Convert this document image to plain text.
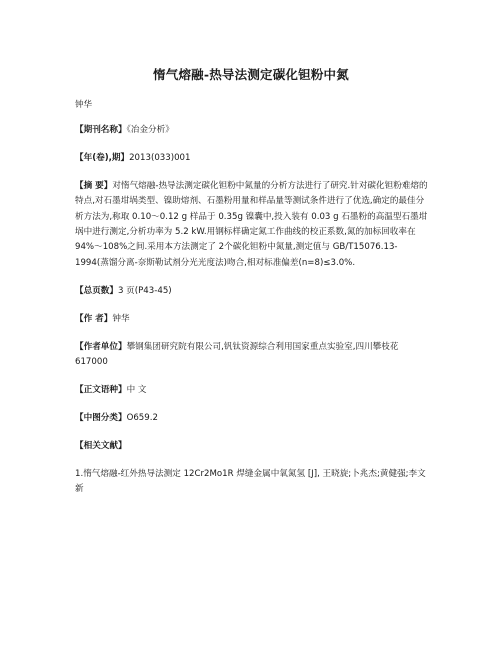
惰气熔融-热导法测定碳化钽粉中氮
钟华
【期刊名称】《冶金分析》
【年(卷),期】2013(033)001
【摘 要】对惰气熔融-热导法测定碳化钽粉中氮量的分析方法进行了研究.针对碳化钽粉难熔的特点,对石墨坩埚类型、镍助熔剂、石墨粉用量和样品量等测试条件进行了优选,确定的最佳分析方法为,称取 0.10～0.12 g 样品于 0.35g 镍囊中,投入装有 0.03 g 石墨粉的高温型石墨坩埚中进行测定,分析功率为 5.2 kW.用钢标样确定氮工作曲线的校正系数,氮的加标回收率在 94%～108%之间.采用本方法测定了 2个碳化钽粉中氮量,测定值与 GB/T15076.13-1994(蒸馏分离-奈斯勒试剂分光光度法)吻合,相对标准偏差(n=8)≤3.0%.
【总页数】3 页(P43-45)
【作 者】钟华
【作者单位】攀钢集团研究院有限公司,钒钛资源综合利用国家重点实验室,四川攀枝花 617000
【正文语种】中 文
【中图分类】O659.2
【相关文献】
1.惰气熔融-红外热导法测定 12Cr2Mo1R 焊缝金属中氧氮氢 [J], 王晓旋;卜兆杰;黄健强;李文新
